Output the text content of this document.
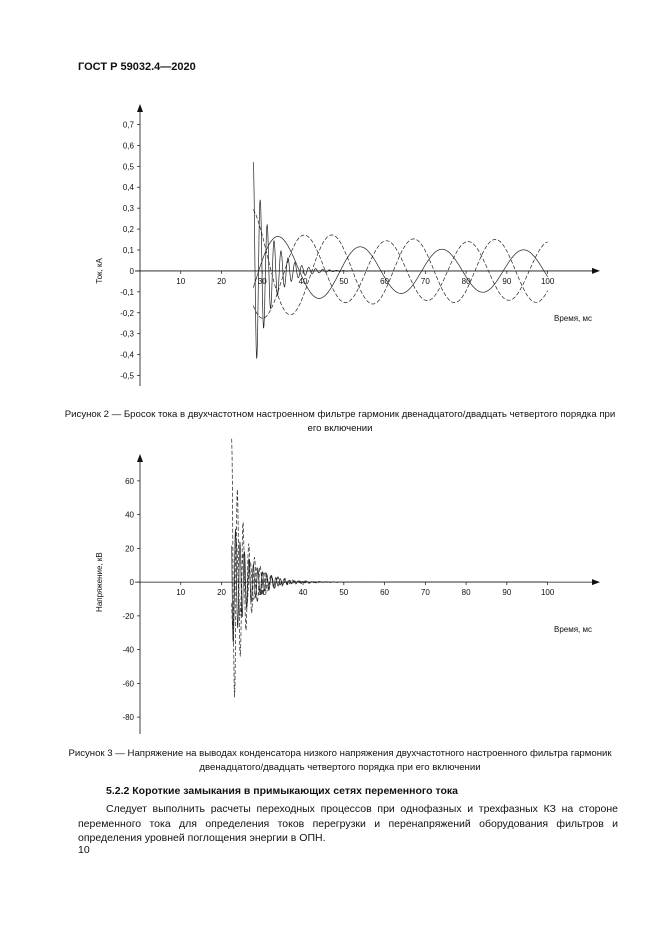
ГОСТ Р 59032.4—2020
0,7
0,6
0,5
0,4
0,3
0,2
0,1
0
-0,1
-0,2
-0,3
-0,4
-0,5
10	20	30	40	50	60	70	80	90	100
Время, мс
Ток, кА
Рисунок 2 — Бросок тока в двухчастотном настроенном фильтре гармоник двенадцатого/двадцать четвертого порядка при его включении
60
40
20
0
-20
-40
-60
-80
10	20	30	40	50	60	70	80	90	100
Время, мс
Напряжение, кВ
Рисунок 3 — Напряжение на выводах конденсатора низкого напряжения двухчастотного настроенного фильтра гармоник двенадцатого/двадцать четвертого порядка при его включении
5.2.2 Короткие замыкания в примыкающих сетях переменного тока
Следует выполнить расчеты переходных процессов при однофазных и трехфазных КЗ на стороне переменного тока для определения токов перегрузки и перенапряжений оборудования фильтров и определения уровней поглощения энергии в ОПН.
10
